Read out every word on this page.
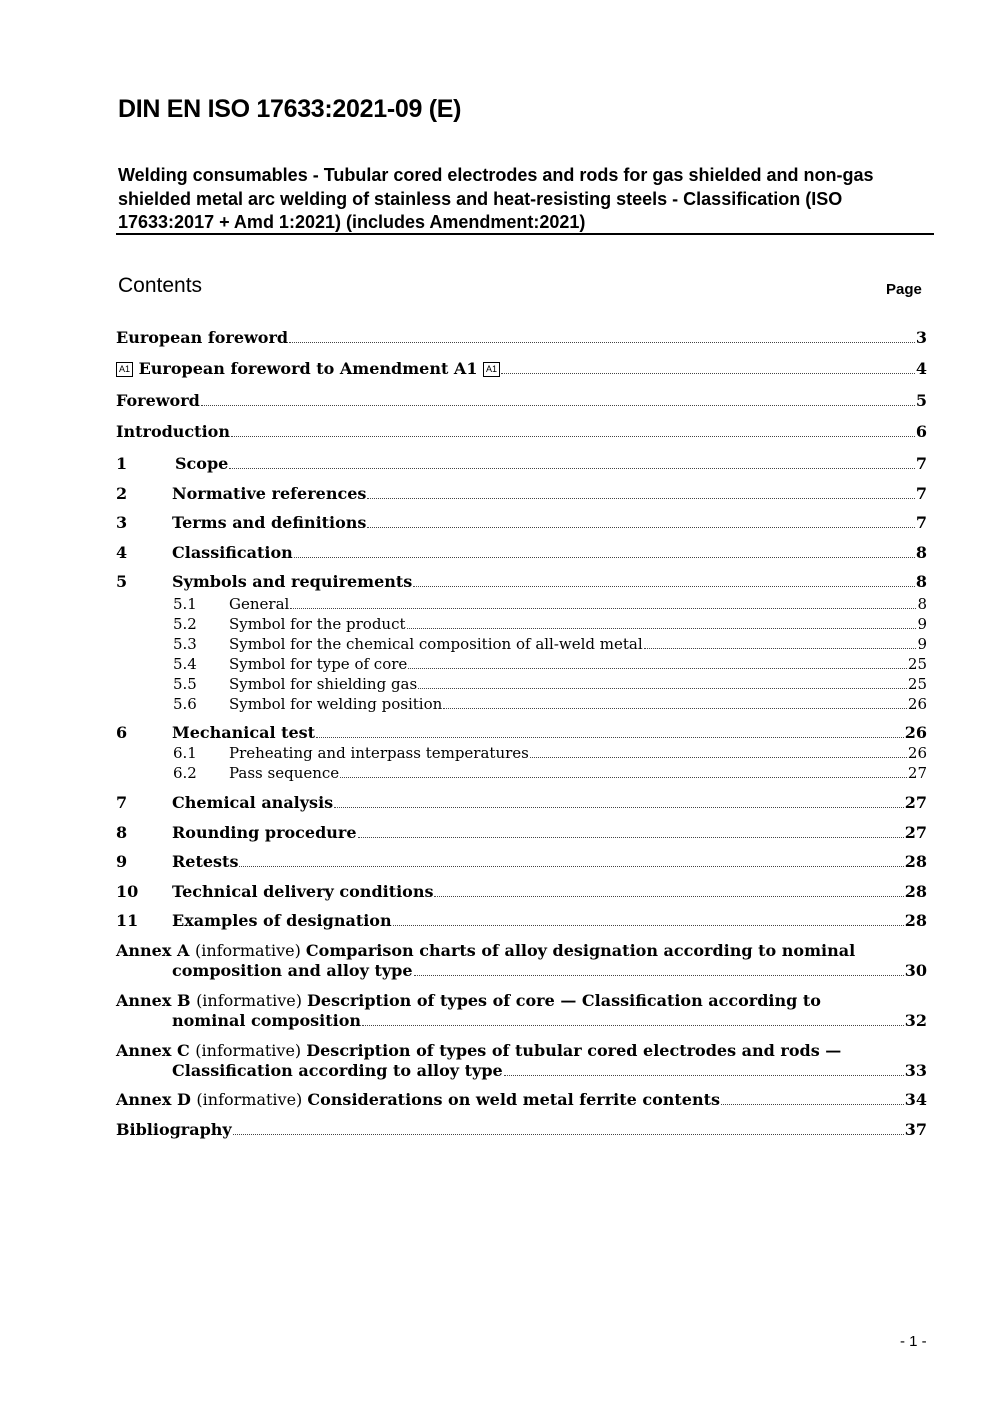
DIN EN ISO 17633:2021-09 (E)
Welding consumables - Tubular cored electrodes and rods for gas shielded and non-gas shielded metal arc welding of stainless and heat-resisting steels - Classification (ISO 17633:2017 + Amd 1:2021) (includes Amendment:2021)
Contents	Page
European foreword	3
A1 European foreword to Amendment A1 A1	4
Foreword	5
Introduction	6
1	Scope	7
2	Normative references	7
3	Terms and definitions	7
4	Classification	8
5	Symbols and requirements	8
5.1	General	8
5.2	Symbol for the product	9
5.3	Symbol for the chemical composition of all-weld metal	9
5.4	Symbol for type of core	25
5.5	Symbol for shielding gas	25
5.6	Symbol for welding position	26
6	Mechanical test	26
6.1	Preheating and interpass temperatures	26
6.2	Pass sequence	27
7	Chemical analysis	27
8	Rounding procedure	27
9	Retests	28
10	Technical delivery conditions	28
11	Examples of designation	28
Annex A (informative) Comparison charts of alloy designation according to nominal
composition and alloy type	30
Annex B (informative) Description of types of core — Classification according to
nominal composition	32
Annex C (informative) Description of types of tubular cored electrodes and rods —
Classification according to alloy type	33
Annex D (informative) Considerations on weld metal ferrite contents	34
Bibliography	37
- 1 -
